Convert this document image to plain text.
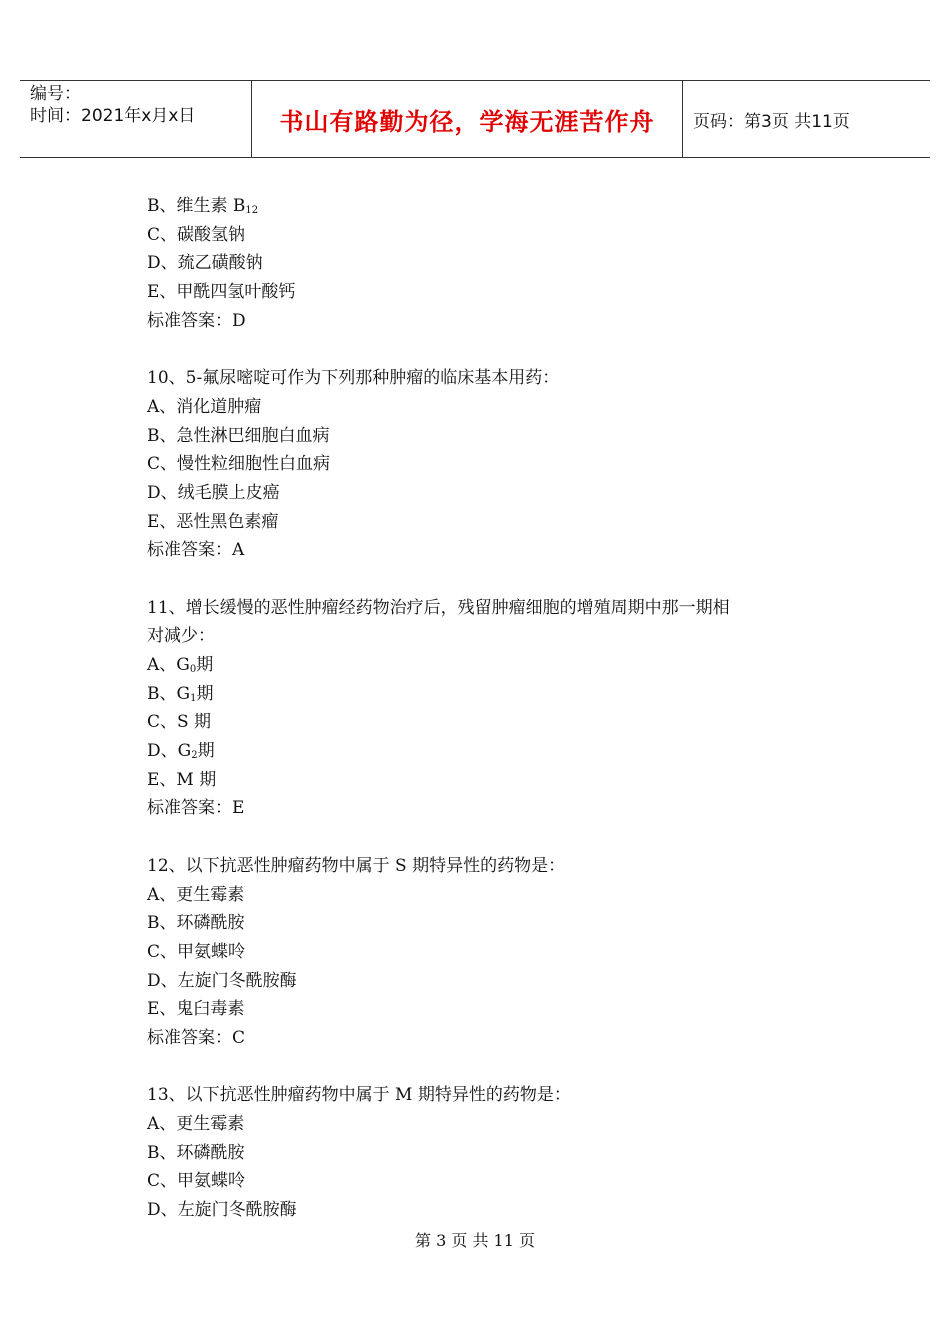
编号：
时间：2021年x月x日	书山有路勤为径，学海无涯苦作舟	页码：第3页 共11页
B、维生素 $B_{12}$
C、碳酸氢钠
D、巯乙磺酸钠
E、甲酰四氢叶酸钙
标准答案：D
10、5-氟尿嘧啶可作为下列那种肿瘤的临床基本用药：
A、消化道肿瘤
B、急性淋巴细胞白血病
C、慢性粒细胞性白血病
D、绒毛膜上皮癌
E、恶性黑色素瘤
标准答案：A
11、增长缓慢的恶性肿瘤经药物治疗后，残留肿瘤细胞的增殖周期中那一期相
对减少：
A、$G_0$期
B、$G_1$期
C、S 期
D、$G_2$期
E、M 期
标准答案：E
12、以下抗恶性肿瘤药物中属于 S 期特异性的药物是：
A、更生霉素
B、环磷酰胺
C、甲氨蝶呤
D、左旋门冬酰胺酶
E、鬼臼毒素
标准答案：C
13、以下抗恶性肿瘤药物中属于 M 期特异性的药物是：
A、更生霉素
B、环磷酰胺
C、甲氨蝶呤
D、左旋门冬酰胺酶
第 3 页 共 11 页
